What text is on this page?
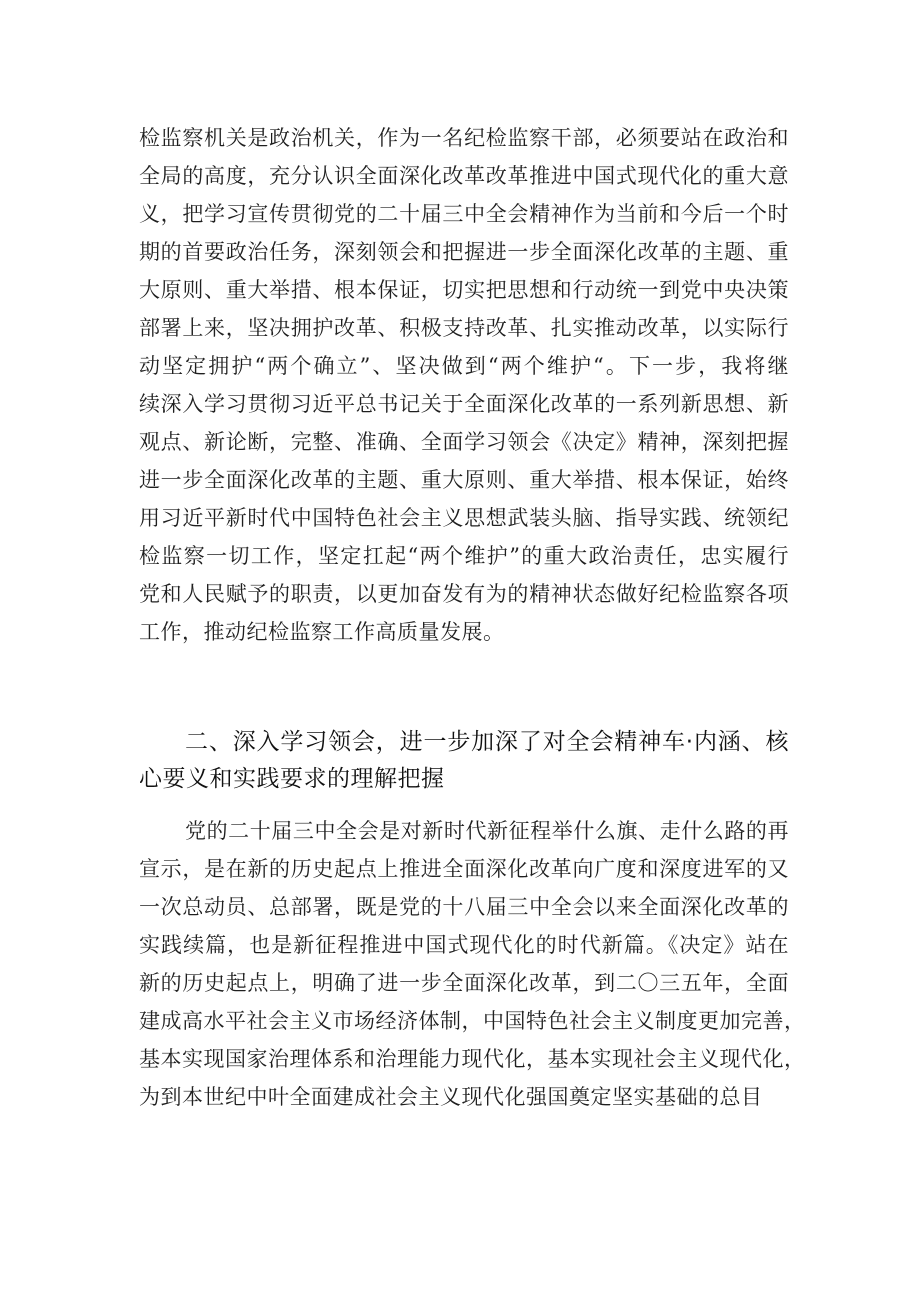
检监察机关是政治机关，作为一名纪检监察干部，必须要站在政治和
全局的高度，充分认识全面深化改革改革推进中国式现代化的重大意
义，把学习宣传贯彻党的二十届三中全会精神作为当前和今后一个时
期的首要政治任务，深刻领会和把握进一步全面深化改革的主题、重
大原则、重大举措、根本保证，切实把思想和行动统一到党中央决策
部署上来，坚决拥护改革、积极支持改革、扎实推动改革，以实际行
动坚定拥护“两个确立”、坚决做到“两个维护“。下一步，我将继
续深入学习贯彻习近平总书记关于全面深化改革的一系列新思想、新
观点、新论断，完整、准确、全面学习领会《决定》精神，深刻把握
进一步全面深化改革的主题、重大原则、重大举措、根本保证，始终
用习近平新时代中国特色社会主义思想武装头脑、指导实践、统领纪
检监察一切工作，坚定扛起“两个维护”的重大政治责任，忠实履行
党和人民赋予的职责，以更加奋发有为的精神状态做好纪检监察各项
工作，推动纪检监察工作高质量发展。
二、深入学习领会，进一步加深了对全会精神车·内涵、核
心要义和实践要求的理解把握
党的二十届三中全会是对新时代新征程举什么旗、走什么路的再
宣示，是在新的历史起点上推进全面深化改革向广度和深度进军的又
一次总动员、总部署，既是党的十八届三中全会以来全面深化改革的
实践续篇，也是新征程推进中国式现代化的时代新篇。《决定》站在
新的历史起点上，明确了进一步全面深化改革，到二〇三五年，全面
建成高水平社会主义市场经济体制，中国特色社会主义制度更加完善，
基本实现国家治理体系和治理能力现代化，基本实现社会主义现代化，
为到本世纪中叶全面建成社会主义现代化强国奠定坚实基础的总目
